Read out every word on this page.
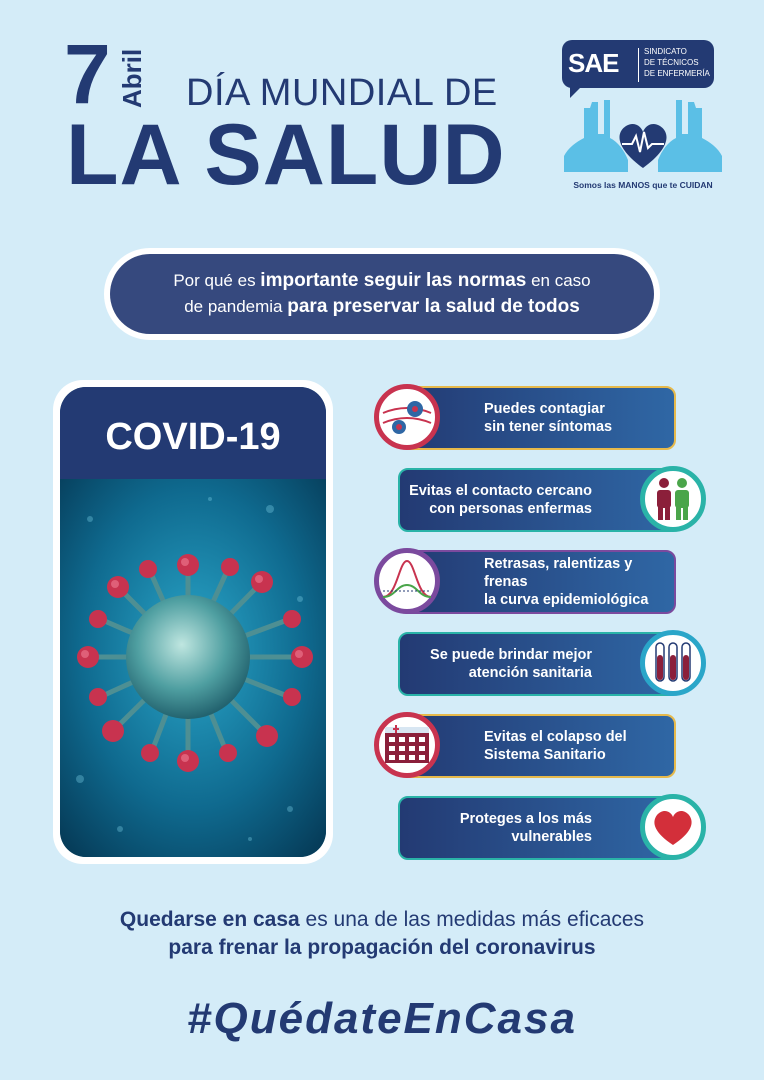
7 Abril DÍA MUNDIAL DE
LA SALUD
SAE	SINDICATO
DE TÉCNICOS
DE ENFERMERÍA
Somos las MANOS que te CUIDAN
Por qué es importante seguir las normas en caso
de pandemia para preservar la salud de todos
COVID-19
Puedes contagiar
sin tener síntomas
Evitas el contacto cercano
con personas enfermas
Retrasas, ralentizas y frenas
la curva epidemiológica
Se puede brindar mejor
atención sanitaria
Evitas el colapso del
Sistema Sanitario
Proteges a los más
vulnerables
Quedarse en casa es una de las medidas más eficaces
para frenar la propagación del coronavirus
#QuédateEnCasa
